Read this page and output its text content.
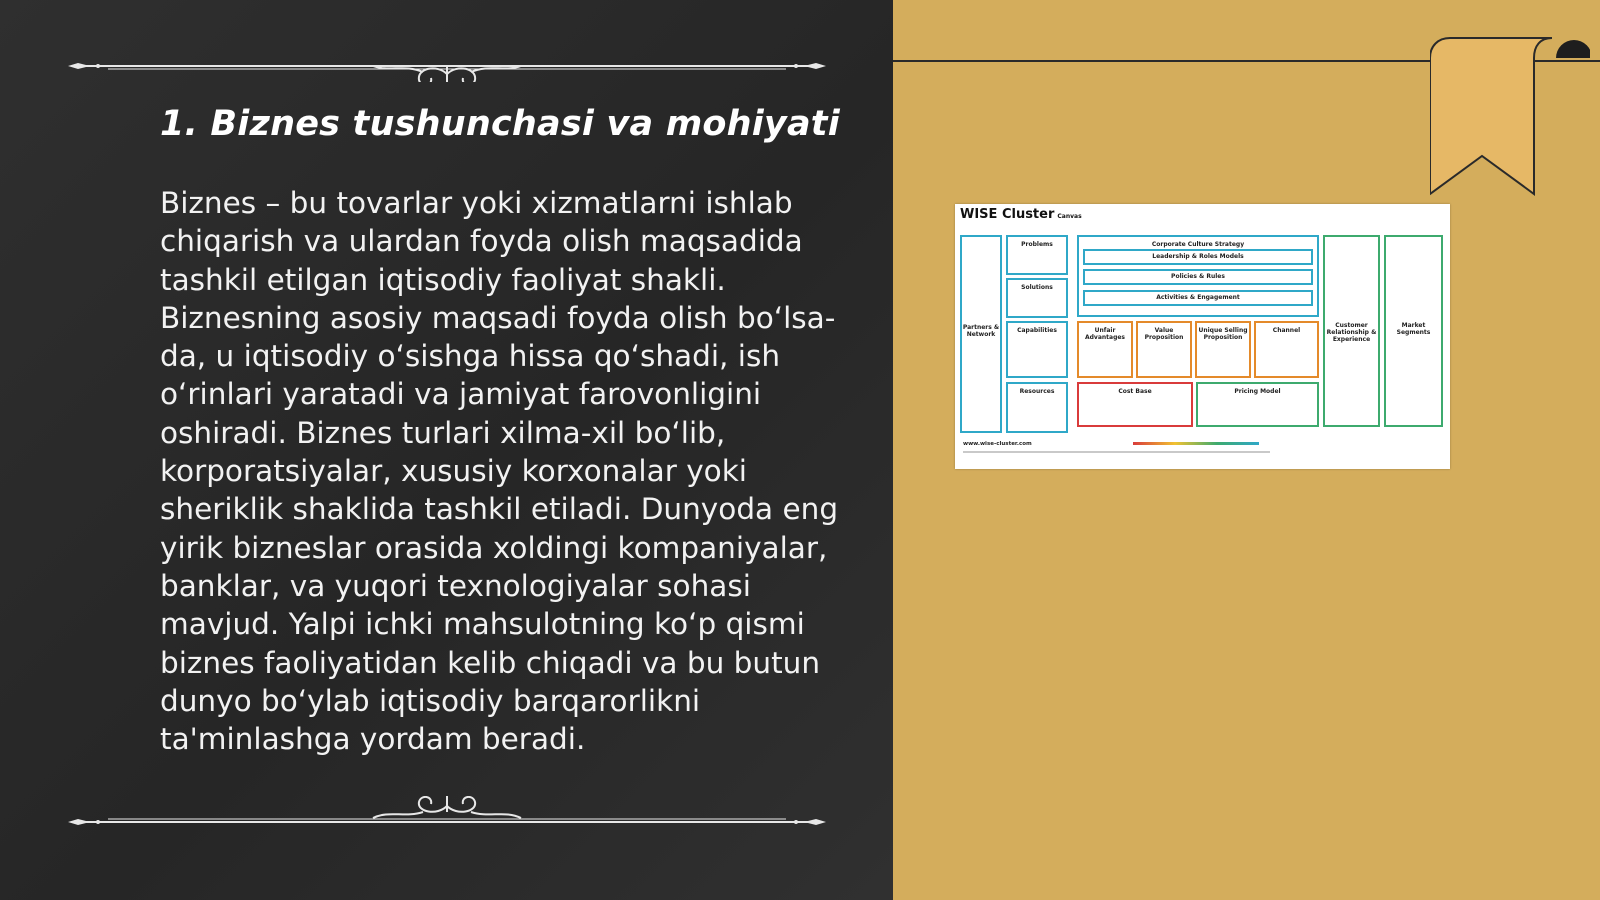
1. Biznes tushunchasi va mohiyati

Biznes – bu tovarlar yoki xizmatlarni ishlab chiqarish va ulardan foyda olish maqsadida tashkil etilgan iqtisodiy faoliyat shakli. Biznesning asosiy maqsadi foyda olish bo‘lsa-da, u iqtisodiy o‘sishga hissa qo‘shadi, ish o‘rinlari yaratadi va jamiyat farovonligini oshiradi. Biznes turlari xilma-xil bo‘lib, korporatsiyalar, xususiy korxonalar yoki sheriklik shaklida tashkil etiladi. Dunyoda eng yirik bizneslar orasida xoldingi kompaniyalar, banklar, va yuqori texnologiyalar sohasi mavjud. Yalpi ichki mahsulotning ko‘p qismi biznes faoliyatidan kelib chiqadi va bu butun dunyo bo‘ylab iqtisodiy barqarorlikni ta'minlashga yordam beradi.

WISE Cluster Canvas
Partners & Network
Problems
Solutions
Capabilities
Resources
Corporate Culture Strategy
Leadership & Roles Models
Policies & Rules
Activities & Engagement
Unfair Advantages
Value Proposition
Unique Selling Proposition
Channel
Cost Base	Pricing Model
Customer Relationship & Experience
Market Segments
www.wise-cluster.com
